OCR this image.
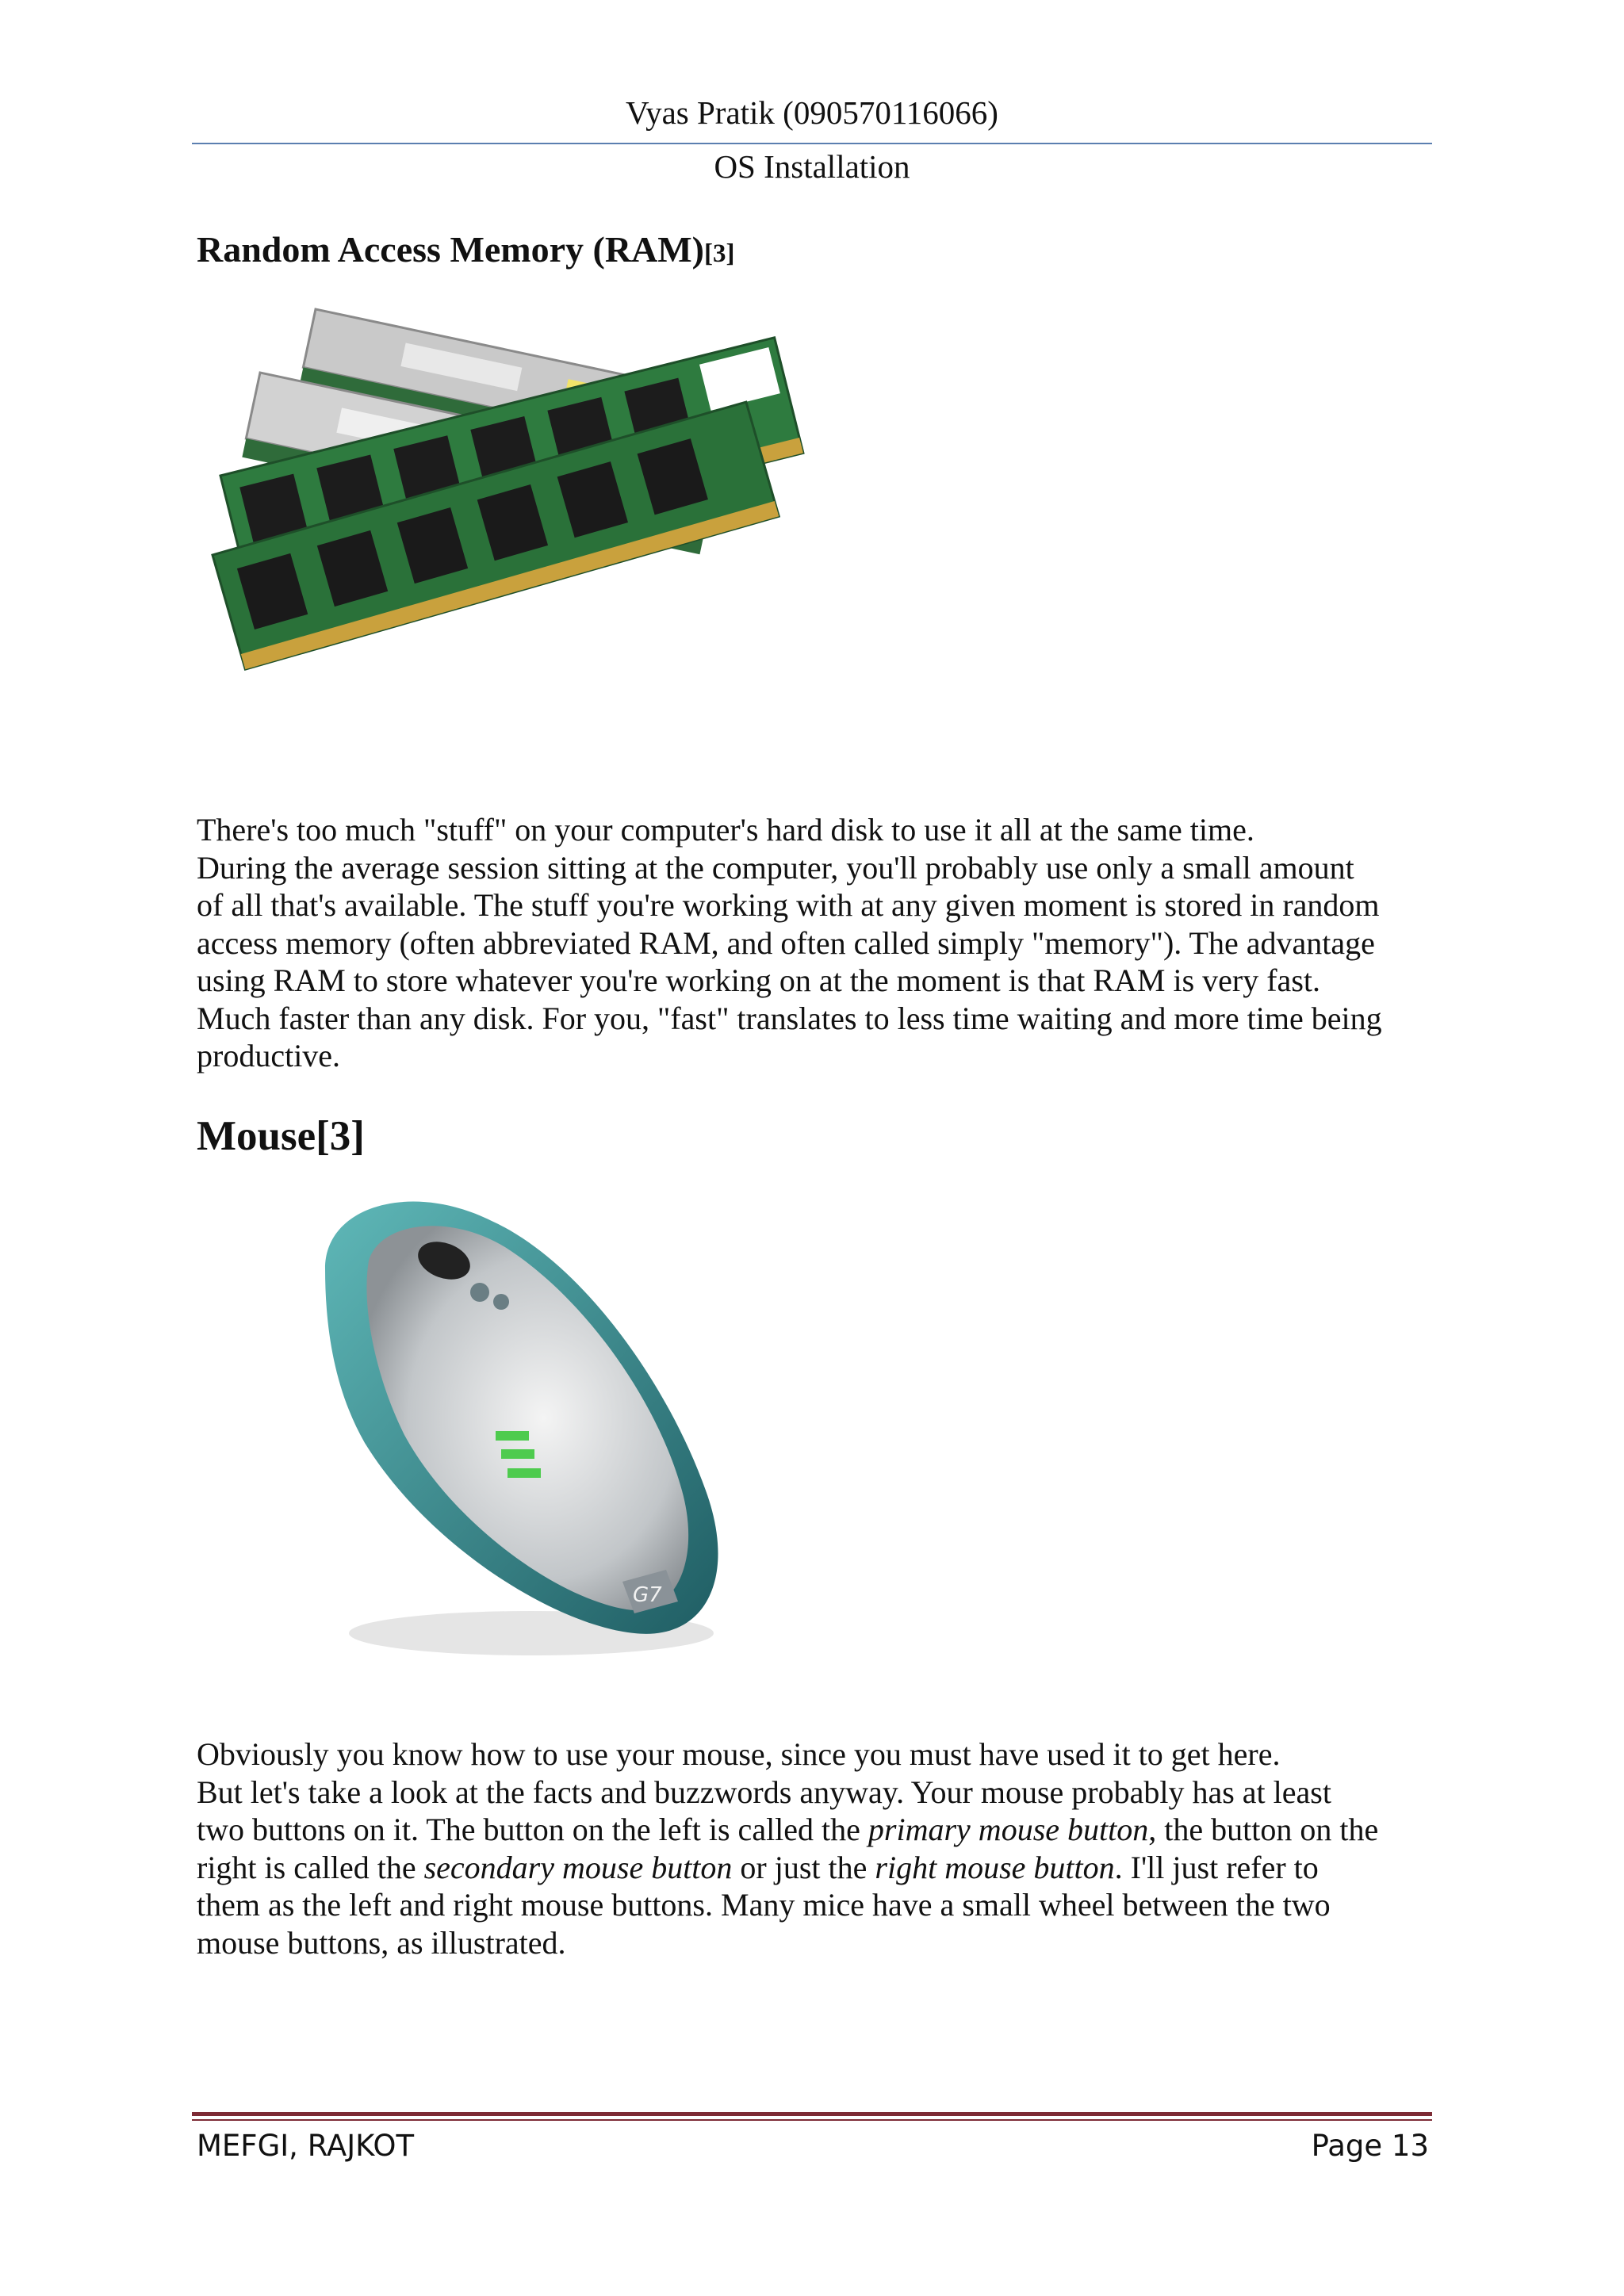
Vyas Pratik (090570116066)
OS Installation
Random Access Memory (RAM)[3]
There's too much "stuff" on your computer's hard disk to use it all at the same time.
During the average session sitting at the computer, you'll probably use only a small amount
of all that's available. The stuff you're working with at any given moment is stored in random
access memory (often abbreviated RAM, and often called simply "memory"). The advantage
using RAM to store whatever you're working on at the moment is that RAM is very fast.
Much faster than any disk. For you, "fast" translates to less time waiting and more time being
productive.
Mouse[3]
G7
Obviously you know how to use your mouse, since you must have used it to get here.
But let's take a look at the facts and buzzwords anyway. Your mouse probably has at least
two buttons on it. The button on the left is called the primary mouse button, the button on the
right is called the secondary mouse button or just the right mouse button. I'll just refer to
them as the left and right mouse buttons. Many mice have a small wheel between the two
mouse buttons, as illustrated.
MEFGI, RAJKOT	Page 13
